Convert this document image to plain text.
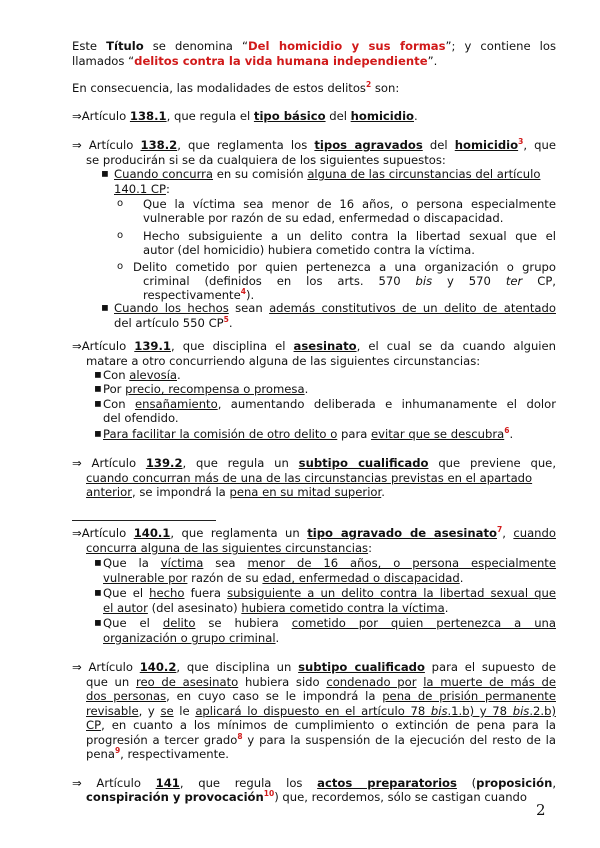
Este Título se denomina “Del homicidio y sus formas”; y contiene los
llamados “delitos contra la vida humana independiente”.
En consecuencia, las modalidades de estos delitos$^2$ son:
⇒Artículo 138.1, que regula el tipo básico del homicidio.
⇒ Artículo 138.2, que reglamenta los tipos agravados del homicidio$^3$, que
se producirán si se da cualquiera de los siguientes supuestos:
▪ Cuando concurra en su comisión alguna de las circunstancias del artículo
140.1 CP:
o Que la víctima sea menor de 16 años, o persona especialmente
vulnerable por razón de su edad, enfermedad o discapacidad.
o Hecho subsiguiente a un delito contra la libertad sexual que el
autor (del homicidio) hubiera cometido contra la víctima.
o Delito cometido por quien pertenezca a una organización o grupo
criminal (definidos en los arts. 570 bis y 570 ter CP,
respectivamente$^4$).
▪ Cuando los hechos sean además constitutivos de un delito de atentado
del artículo 550 CP$^5$.
⇒Artículo 139.1, que disciplina el asesinato, el cual se da cuando alguien
matare a otro concurriendo alguna de las siguientes circunstancias:
▪ Con alevosía.
▪ Por precio, recompensa o promesa.
▪ Con ensañamiento, aumentando deliberada e inhumanamente el dolor
del ofendido.
▪ Para facilitar la comisión de otro delito o para evitar que se descubra$^6$.
⇒ Artículo 139.2, que regula un subtipo cualificado que previene que,
cuando concurran más de una de las circunstancias previstas en el apartado
anterior, se impondrá la pena en su mitad superior.
⇒Artículo 140.1, que reglamenta un tipo agravado de asesinato$^7$, cuando
concurra alguna de las siguientes circunstancias:
▪ Que la víctima sea menor de 16 años, o persona especialmente
vulnerable por razón de su edad, enfermedad o discapacidad.
▪ Que el hecho fuera subsiguiente a un delito contra la libertad sexual que
el autor (del asesinato) hubiera cometido contra la víctima.
▪ Que el delito se hubiera cometido por quien pertenezca a una
organización o grupo criminal.
⇒ Artículo 140.2, que disciplina un subtipo cualificado para el supuesto de
que un reo de asesinato hubiera sido condenado por la muerte de más de
dos personas, en cuyo caso se le impondrá la pena de prisión permanente
revisable, y se le aplicará lo dispuesto en el artículo 78 bis.1.b) y 78 bis.2.b)
CP, en cuanto a los mínimos de cumplimiento o extinción de pena para la
progresión a tercer grado$^8$ y para la suspensión de la ejecución del resto de la
pena$^9$, respectivamente.
⇒ Artículo 141, que regula los actos preparatorios (proposición,
conspiración y provocación$^{10}$) que, recordemos, sólo se castigan cuando
2
